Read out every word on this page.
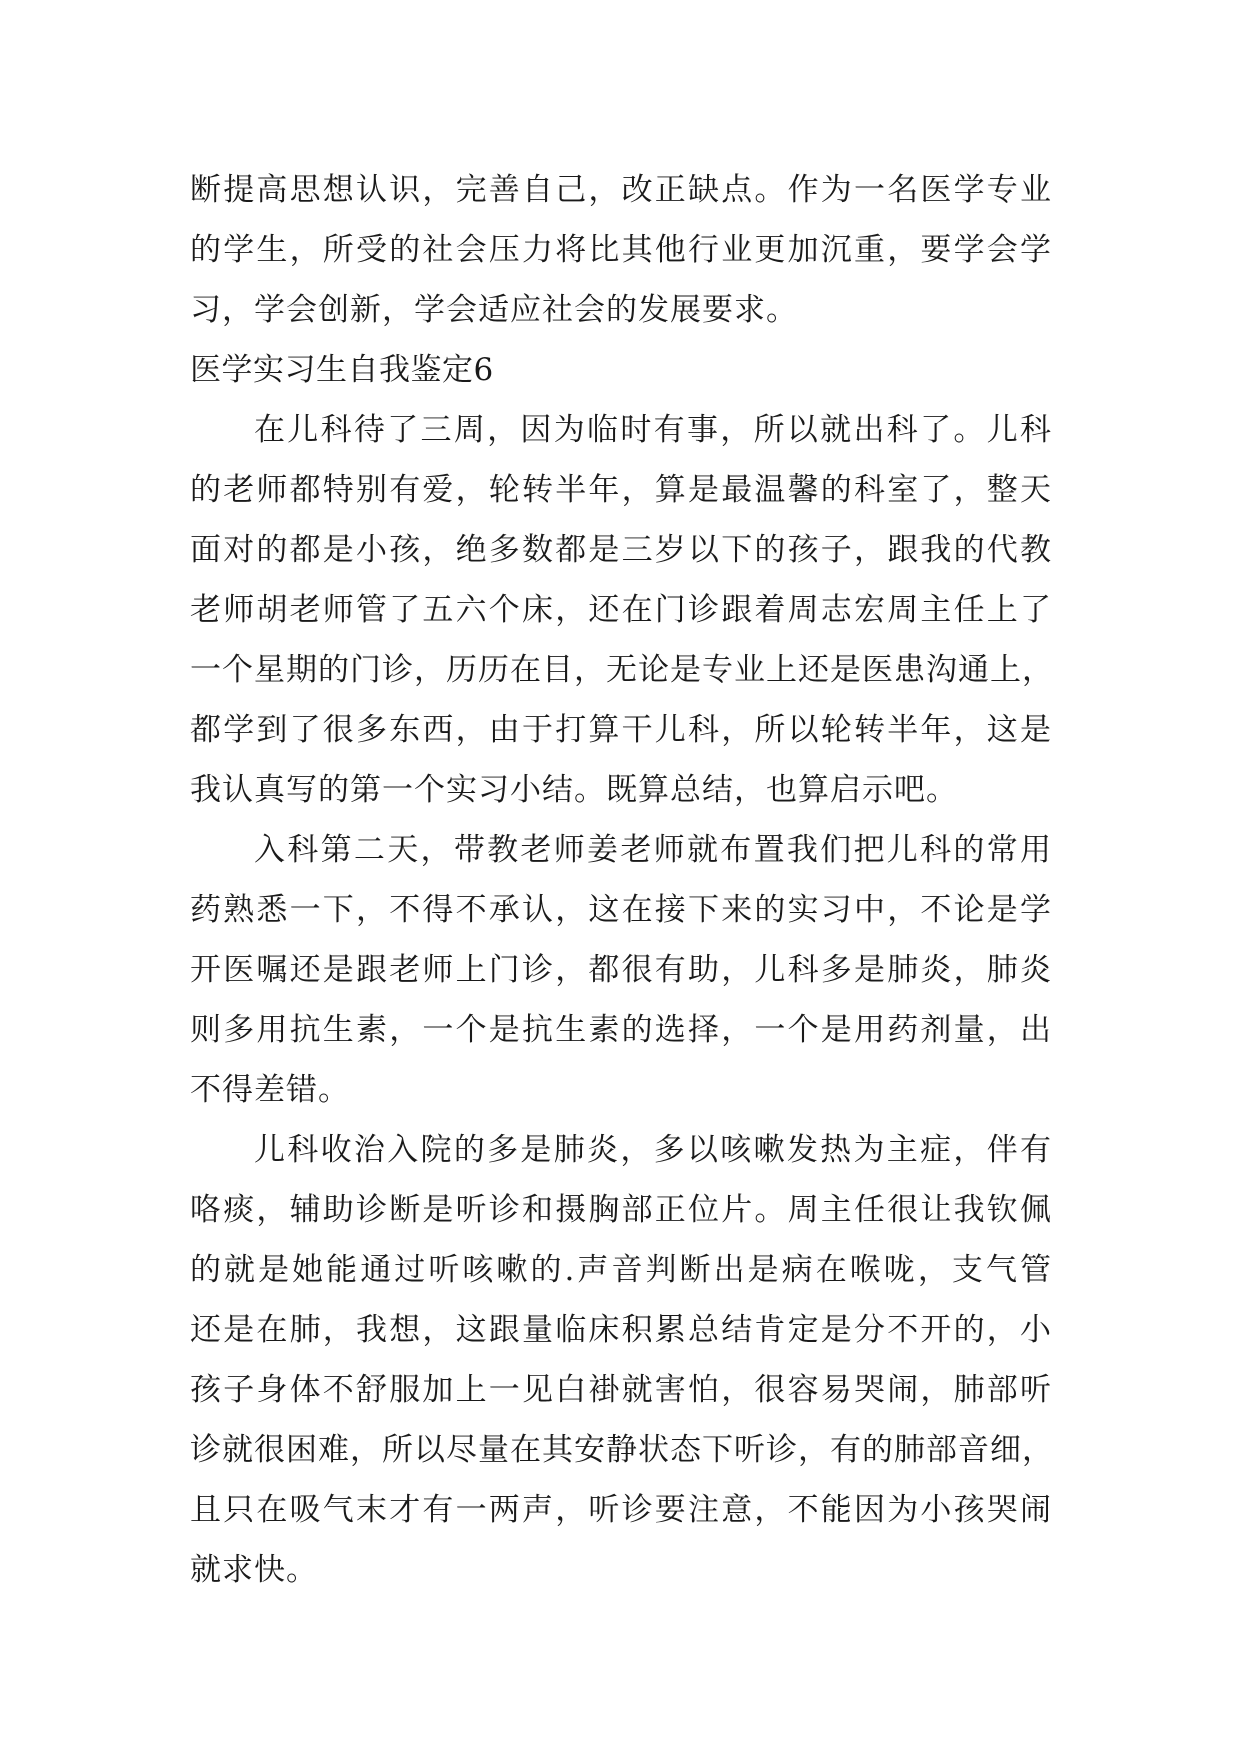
断提高思想认识，完善自己，改正缺点。作为一名医学专业
的学生，所受的社会压力将比其他行业更加沉重，要学会学
习，学会创新，学会适应社会的发展要求。
医学实习生自我鉴定6
在儿科待了三周，因为临时有事，所以就出科了。儿科
的老师都特别有爱，轮转半年，算是最温馨的科室了，整天
面对的都是小孩，绝多数都是三岁以下的孩子，跟我的代教
老师胡老师管了五六个床，还在门诊跟着周志宏周主任上了
一个星期的门诊，历历在目，无论是专业上还是医患沟通上，
都学到了很多东西，由于打算干儿科，所以轮转半年，这是
我认真写的第一个实习小结。既算总结，也算启示吧。
入科第二天，带教老师姜老师就布置我们把儿科的常用
药熟悉一下，不得不承认，这在接下来的实习中，不论是学
开医嘱还是跟老师上门诊，都很有助，儿科多是肺炎，肺炎
则多用抗生素，一个是抗生素的选择，一个是用药剂量，出
不得差错。
儿科收治入院的多是肺炎，多以咳嗽发热为主症，伴有
咯痰，辅助诊断是听诊和摄胸部正位片。周主任很让我钦佩
的就是她能通过听咳嗽的.声音判断出是病在喉咙，支气管
还是在肺，我想，这跟量临床积累总结肯定是分不开的，小
孩子身体不舒服加上一见白褂就害怕，很容易哭闹，肺部听
诊就很困难，所以尽量在其安静状态下听诊，有的肺部音细，
且只在吸气末才有一两声，听诊要注意，不能因为小孩哭闹
就求快。
